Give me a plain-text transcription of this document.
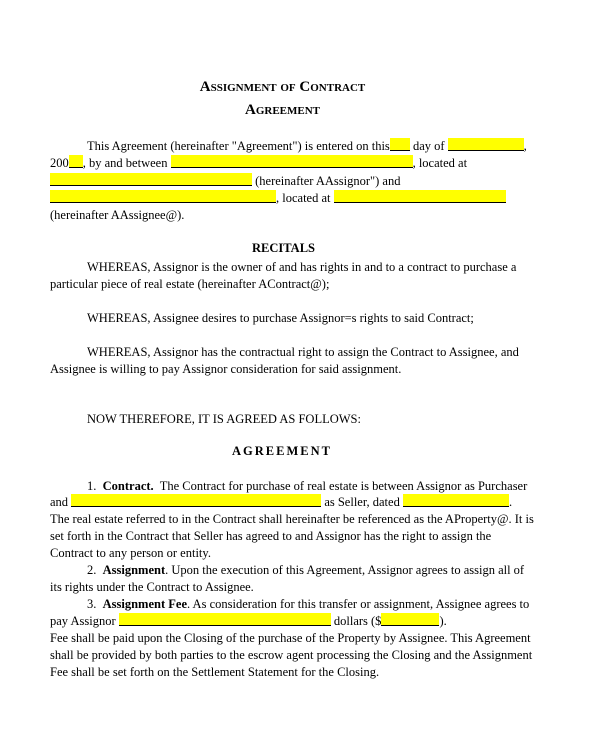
Assignment of Contract
Agreement
This Agreement (hereinafter "Agreement") is entered on this day of	,
200 , by and between	, located at
(hereinafter AAssignor") and
, located at
(hereinafter AAssignee@).
RECITALS
WHEREAS, Assignor is the owner of and has rights in and to a contract to purchase a
particular piece of real estate (hereinafter AContract@);
WHEREAS, Assignee desires to purchase Assignor=s rights to said Contract;
WHEREAS, Assignor has the contractual right to assign the Contract to Assignee, and
Assignee is willing to pay Assignor consideration for said assignment.
NOW THEREFORE, IT IS AGREED AS FOLLOWS:
AGREEMENT
1. Contract. The Contract for purchase of real estate is between Assignor as Purchaser
and	as Seller, dated	.
The real estate referred to in the Contract shall hereinafter be referenced as the AProperty@. It is
set forth in the Contract that Seller has agreed to and Assignor has the right to assign the
Contract to any person or entity.
2. Assignment. Upon the execution of this Agreement, Assignor agrees to assign all of
its rights under the Contract to Assignee.
3. Assignment Fee. As consideration for this transfer or assignment, Assignee agrees to
pay Assignor	dollars ($	).
Fee shall be paid upon the Closing of the purchase of the Property by Assignee. This Agreement
shall be provided by both parties to the escrow agent processing the Closing and the Assignment
Fee shall be set forth on the Settlement Statement for the Closing.
